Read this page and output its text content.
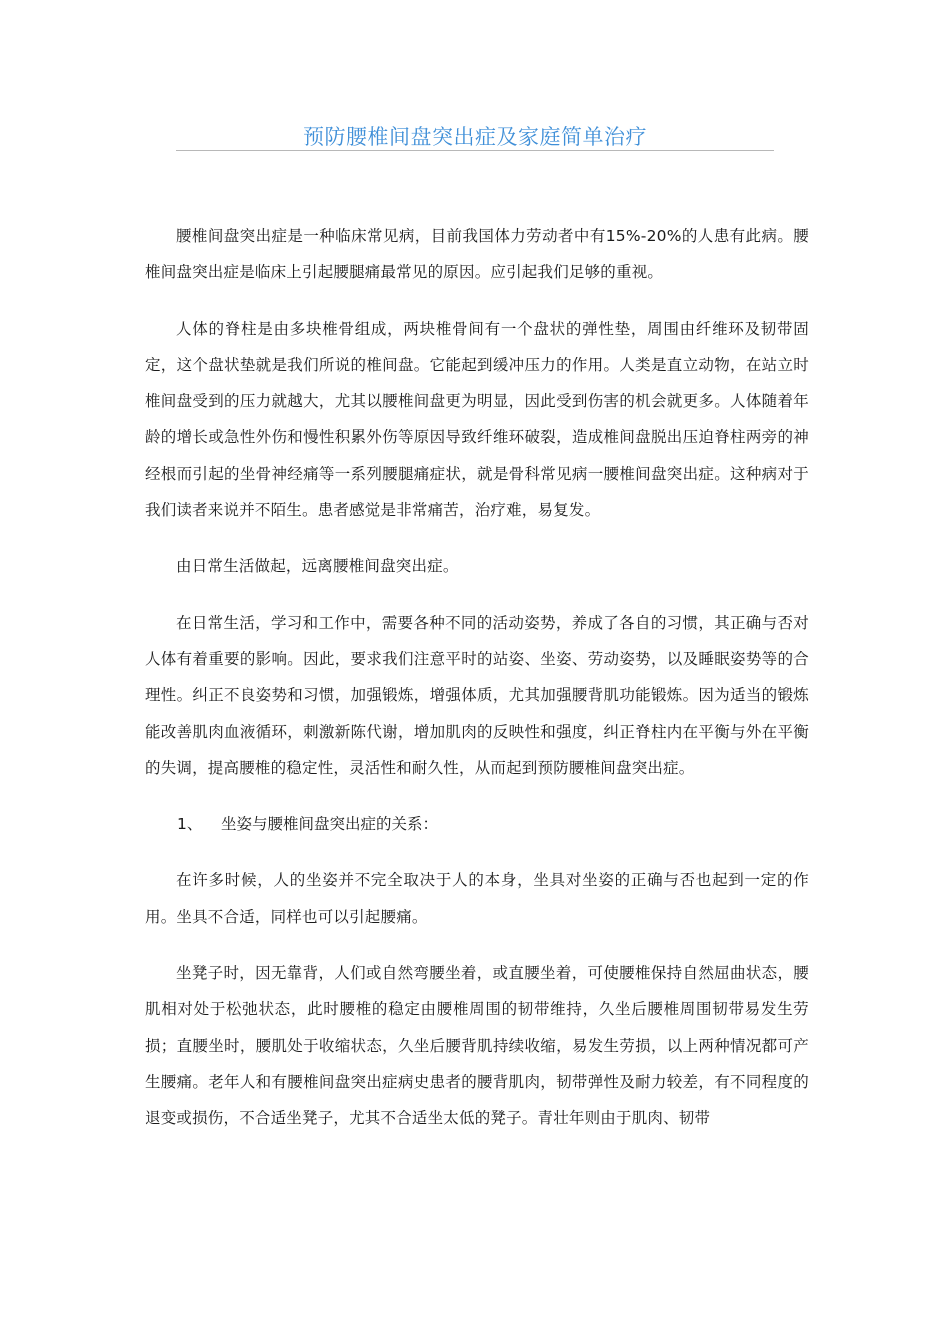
预防腰椎间盘突出症及家庭简单治疗

腰椎间盘突出症是一种临床常见病，目前我国体力劳动者中有15%-20%的人患有此病。腰椎间盘突出症是临床上引起腰腿痛最常见的原因。应引起我们足够的重视。

人体的脊柱是由多块椎骨组成，两块椎骨间有一个盘状的弹性垫，周围由纤维环及韧带固定，这个盘状垫就是我们所说的椎间盘。它能起到缓冲压力的作用。人类是直立动物，在站立时椎间盘受到的压力就越大，尤其以腰椎间盘更为明显，因此受到伤害的机会就更多。人体随着年龄的增长或急性外伤和慢性积累外伤等原因导致纤维环破裂，造成椎间盘脱出压迫脊柱两旁的神经根而引起的坐骨神经痛等一系列腰腿痛症状，就是骨科常见病一腰椎间盘突出症。这种病对于我们读者来说并不陌生。患者感觉是非常痛苦，治疗难，易复发。

由日常生活做起，远离腰椎间盘突出症。

在日常生活，学习和工作中，需要各种不同的活动姿势，养成了各自的习惯，其正确与否对人体有着重要的影响。因此，要求我们注意平时的站姿、坐姿、劳动姿势，以及睡眠姿势等的合理性。纠正不良姿势和习惯，加强锻炼，增强体质，尤其加强腰背肌功能锻炼。因为适当的锻炼能改善肌肉血液循环，刺激新陈代谢，增加肌肉的反映性和强度，纠正脊柱内在平衡与外在平衡的失调，提高腰椎的稳定性，灵活性和耐久性，从而起到预防腰椎间盘突出症。

1、 坐姿与腰椎间盘突出症的关系：

在许多时候，人的坐姿并不完全取决于人的本身，坐具对坐姿的正确与否也起到一定的作用。坐具不合适，同样也可以引起腰痛。

坐凳子时，因无靠背，人们或自然弯腰坐着，或直腰坐着，可使腰椎保持自然屈曲状态，腰肌相对处于松弛状态，此时腰椎的稳定由腰椎周围的韧带维持，久坐后腰椎周围韧带易发生劳损；直腰坐时，腰肌处于收缩状态，久坐后腰背肌持续收缩，易发生劳损，以上两种情况都可产生腰痛。老年人和有腰椎间盘突出症病史患者的腰背肌肉，韧带弹性及耐力较差，有不同程度的退变或损伤，不合适坐凳子，尤其不合适坐太低的凳子。青壮年则由于肌肉、韧带
